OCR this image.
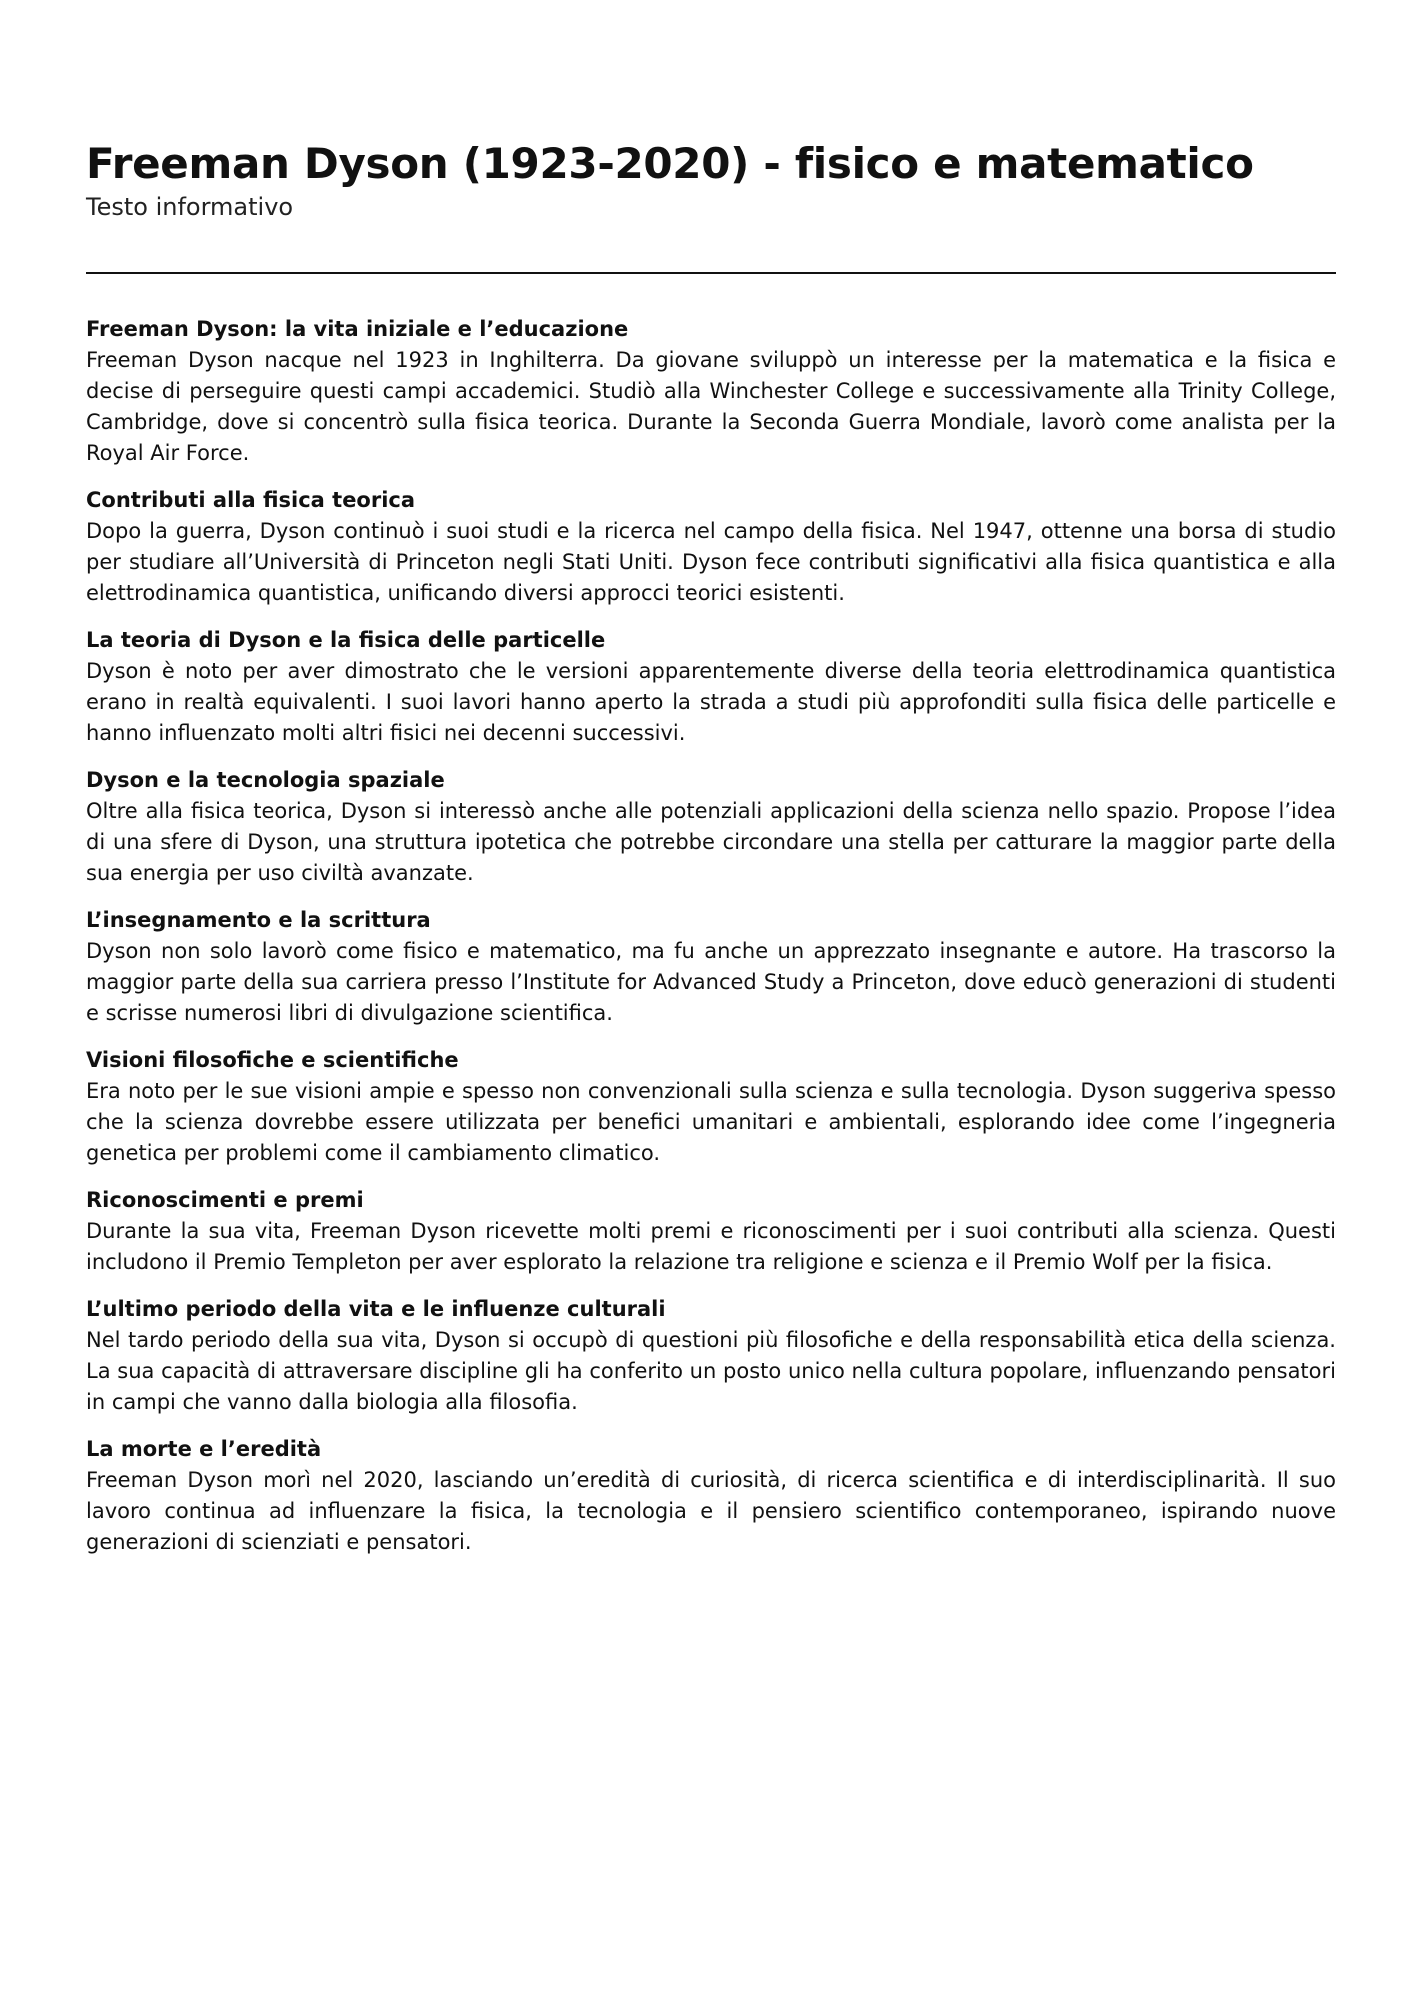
Freeman Dyson (1923-2020) - fisico e matematico

Testo informativo

Freeman Dyson: la vita iniziale e l’educazione

Freeman Dyson nacque nel 1923 in Inghilterra. Da giovane sviluppò un interesse per la matematica e la fisica e decise di perseguire questi campi accademici. Studiò alla Winchester College e successivamente alla Trinity College, Cambridge, dove si concentrò sulla fisica teorica. Durante la Seconda Guerra Mondiale, lavorò come analista per la Royal Air Force.

Contributi alla fisica teorica

Dopo la guerra, Dyson continuò i suoi studi e la ricerca nel campo della fisica. Nel 1947, ottenne una borsa di studio per studiare all’Università di Princeton negli Stati Uniti. Dyson fece contributi significativi alla fisica quantistica e alla elettrodinamica quantistica, unificando diversi approcci teorici esistenti.

La teoria di Dyson e la fisica delle particelle

Dyson è noto per aver dimostrato che le versioni apparentemente diverse della teoria elettrodinamica quantistica erano in realtà equivalenti. I suoi lavori hanno aperto la strada a studi più approfonditi sulla fisica delle particelle e hanno influenzato molti altri fisici nei decenni successivi.

Dyson e la tecnologia spaziale

Oltre alla fisica teorica, Dyson si interessò anche alle potenziali applicazioni della scienza nello spazio. Propose l’idea di una sfere di Dyson, una struttura ipotetica che potrebbe circondare una stella per catturare la maggior parte della sua energia per uso civiltà avanzate.

L’insegnamento e la scrittura

Dyson non solo lavorò come fisico e matematico, ma fu anche un apprezzato insegnante e autore. Ha trascorso la maggior parte della sua carriera presso l’Institute for Advanced Study a Princeton, dove educò generazioni di studenti e scrisse numerosi libri di divulgazione scientifica.

Visioni filosofiche e scientifiche

Era noto per le sue visioni ampie e spesso non convenzionali sulla scienza e sulla tecnologia. Dyson suggeriva spesso che la scienza dovrebbe essere utilizzata per benefici umanitari e ambientali, esplorando idee come l’ingegneria genetica per problemi come il cambiamento climatico.

Riconoscimenti e premi

Durante la sua vita, Freeman Dyson ricevette molti premi e riconoscimenti per i suoi contributi alla scienza. Questi includono il Premio Templeton per aver esplorato la relazione tra religione e scienza e il Premio Wolf per la fisica.

L’ultimo periodo della vita e le influenze culturali

Nel tardo periodo della sua vita, Dyson si occupò di questioni più filosofiche e della responsabilità etica della scienza. La sua capacità di attraversare discipline gli ha conferito un posto unico nella cultura popolare, influenzando pensatori in campi che vanno dalla biologia alla filosofia.

La morte e l’eredità

Freeman Dyson morì nel 2020, lasciando un’eredità di curiosità, di ricerca scientifica e di interdisciplinarità. Il suo lavoro continua ad influenzare la fisica, la tecnologia e il pensiero scientifico contemporaneo, ispirando nuove generazioni di scienziati e pensatori.
